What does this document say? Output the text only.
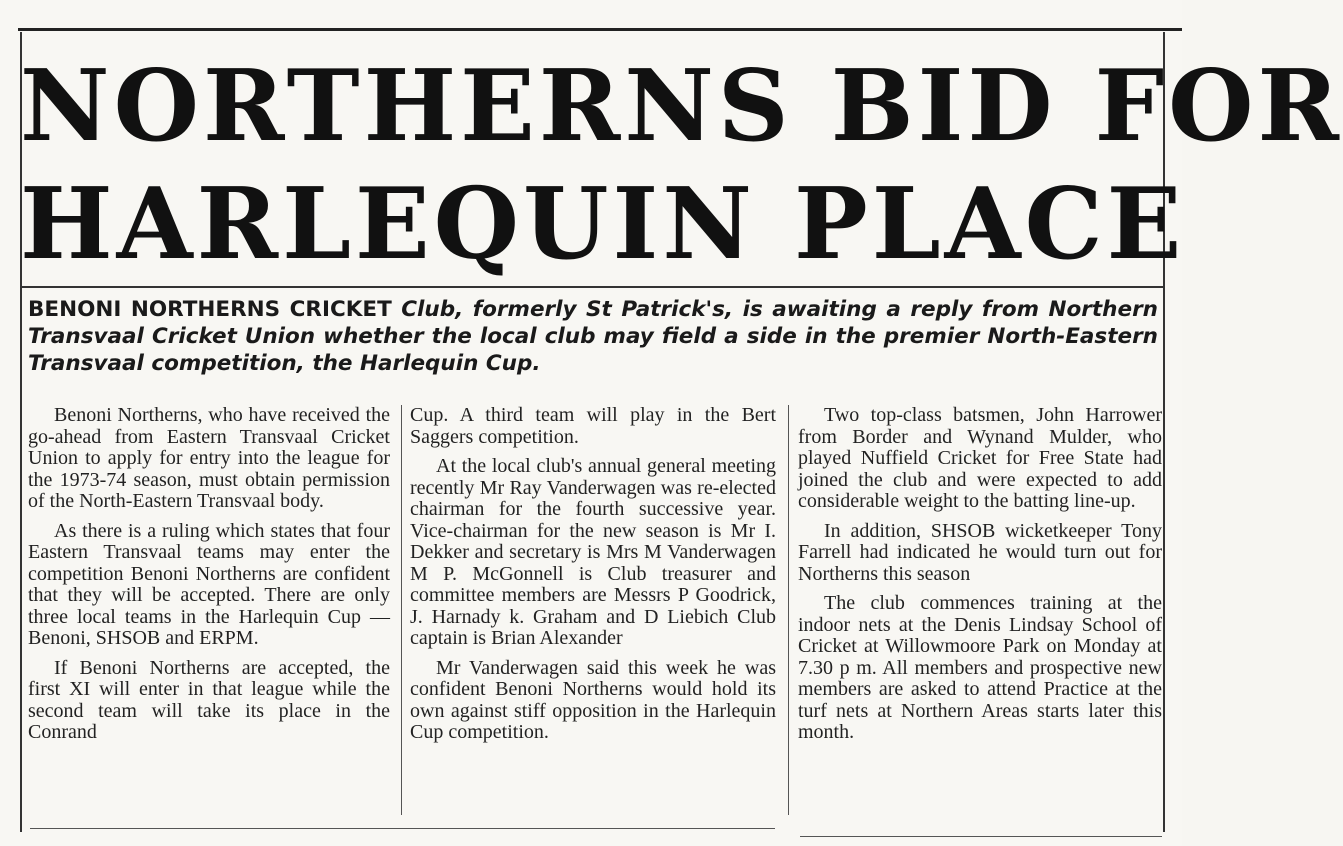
NORTHERNS BID FOR
HARLEQUIN PLACE

BENONI NORTHERNS CRICKET Club, formerly St Patrick's, is awaiting a reply from Northern Transvaal Cricket Union whether the local club may field a side in the premier North-Eastern Transvaal competition, the Harlequin Cup.

Benoni Northerns, who have received the go-ahead from Eastern Transvaal Cricket Union to apply for entry into the league for the 1973-74 season, must obtain permission of the North-Eastern Transvaal body.

As there is a ruling which states that four Eastern Transvaal teams may enter the competition Benoni Northerns are confident that they will be accepted. There are only three local teams in the Harlequin Cup — Benoni, SHSOB and ERPM.

If Benoni Northerns are accepted, the first XI will enter in that league while the second team will take its place in the Conrand

Cup. A third team will play in the Bert Saggers competition.

At the local club's annual general meeting recently Mr Ray Vanderwagen was re-elected chairman for the fourth successive year. Vice-chairman for the new season is Mr I. Dekker and secretary is Mrs M Vanderwagen M P. McGonnell is Club treasurer and committee members are Messrs P Goodrick, J. Harnady k. Graham and D Liebich Club captain is Brian Alexander

Mr Vanderwagen said this week he was confident Benoni Northerns would hold its own against stiff opposition in the Harlequin Cup competition.

Two top-class batsmen, John Harrower from Border and Wynand Mulder, who played Nuffield Cricket for Free State had joined the club and were expected to add considerable weight to the batting line-up.

In addition, SHSOB wicketkeeper Tony Farrell had indicated he would turn out for Northerns this season

The club commences training at the indoor nets at the Denis Lindsay School of Cricket at Willowmoore Park on Monday at 7.30 p m. All members and prospective new members are asked to attend Practice at the turf nets at Northern Areas starts later this month.
